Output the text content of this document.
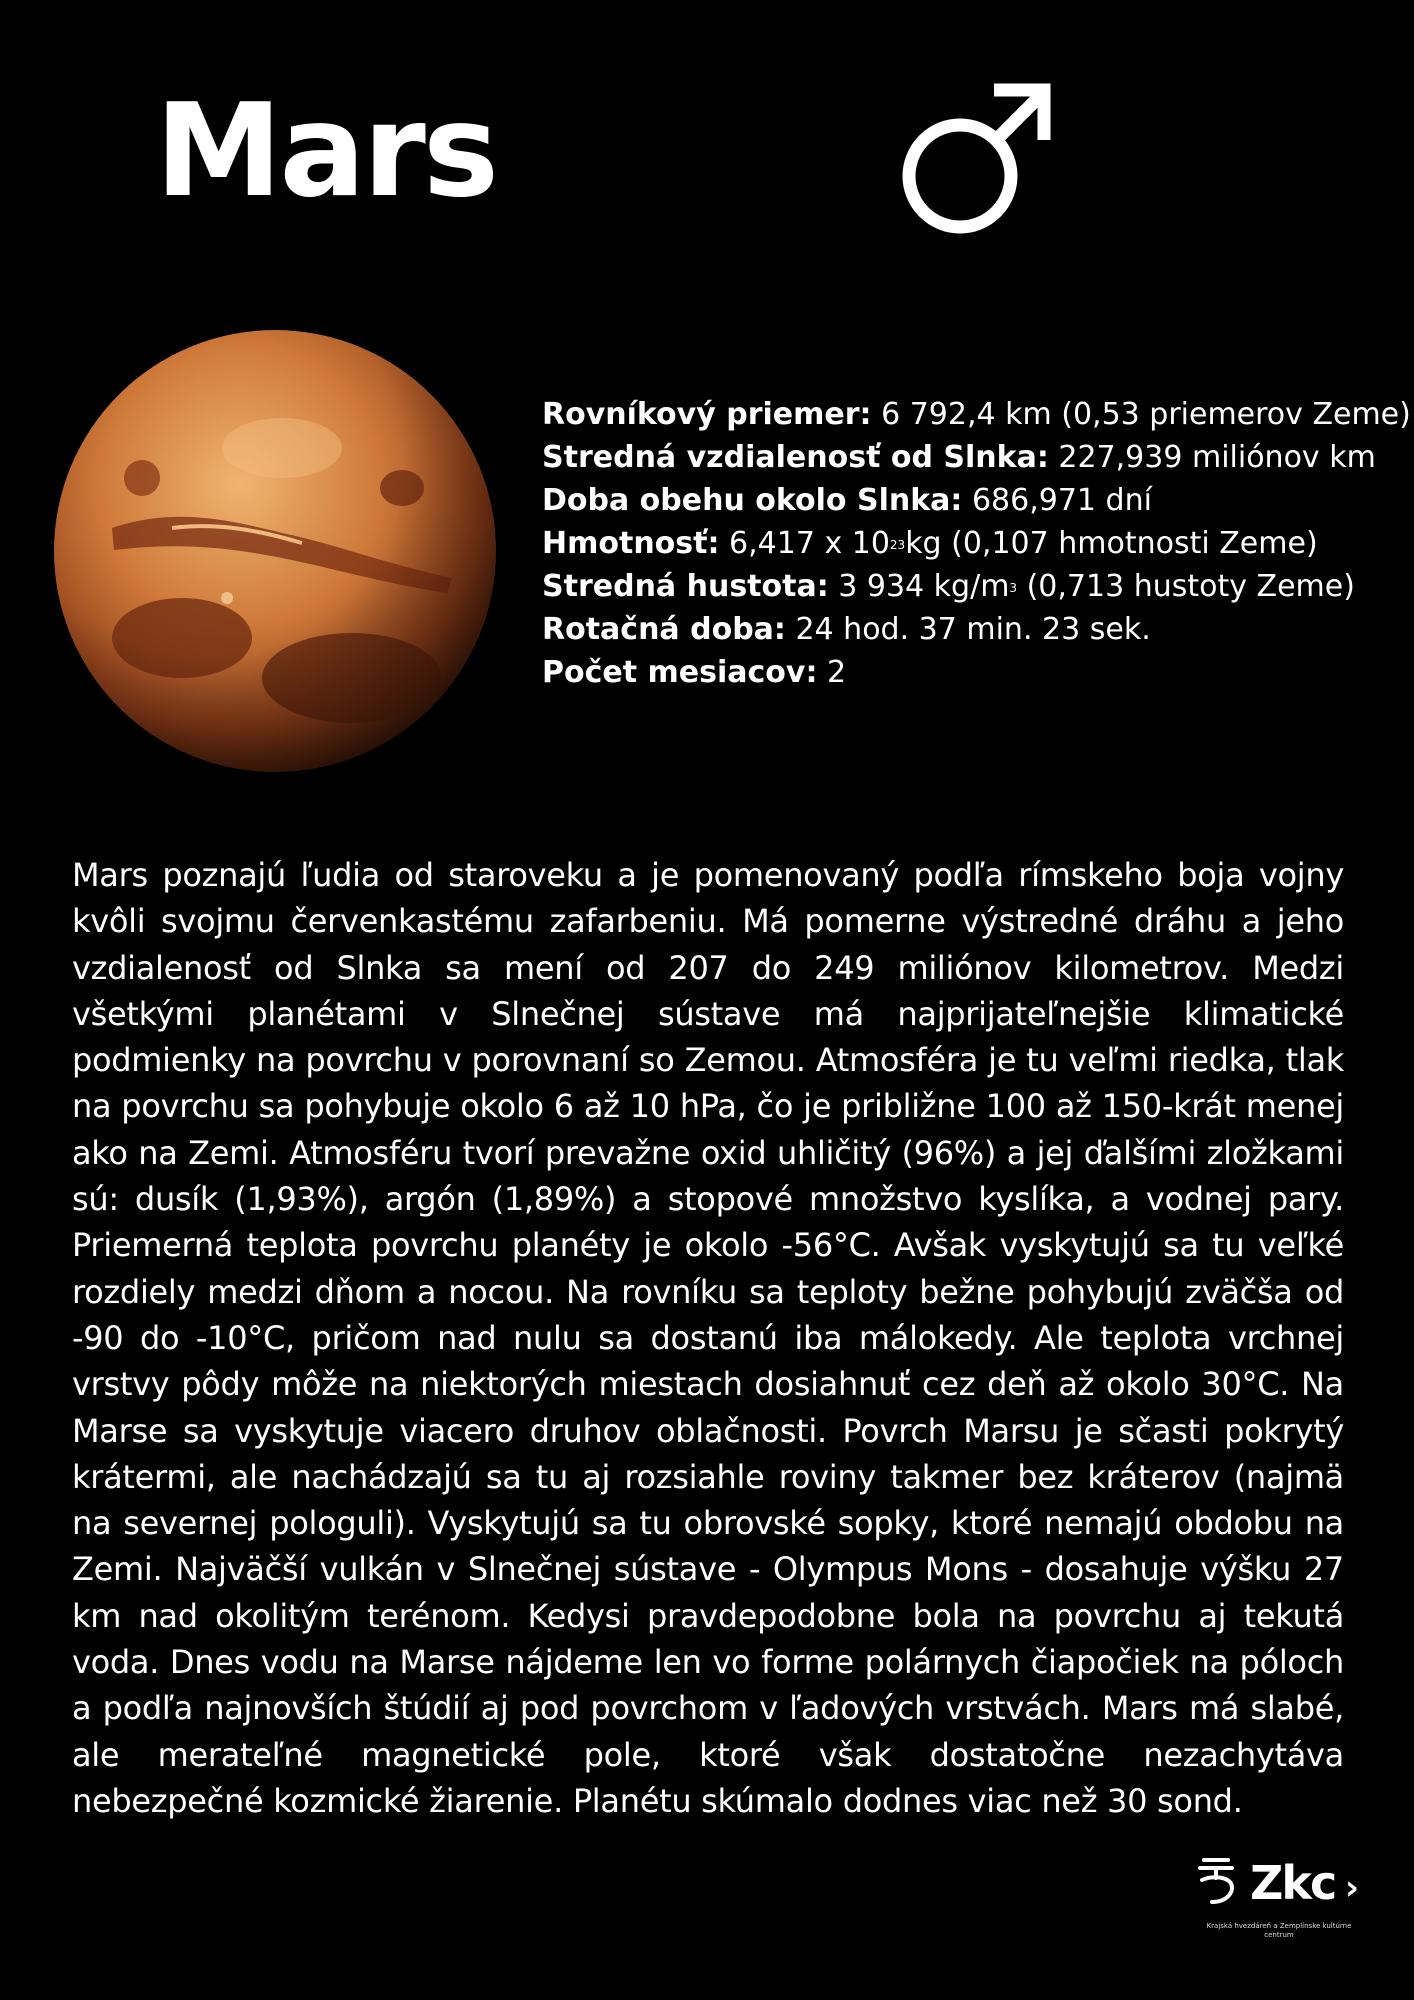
Mars
Rovníkový priemer: 6 792,4 km (0,53 priemerov Zeme)
Stredná vzdialenosť od Slnka: 227,939 miliónov km
Doba obehu okolo Slnka: 686,971 dní
Hmotnosť: 6,417 x $10^{23}kg$ (0,107 hmotnosti Zeme)
Stredná hustota: 3 934 $kg/m^3$ (0,713 hustoty Zeme)
Rotačná doba: 24 hod. 37 min. 23 sek.
Počet mesiacov: 2
Mars poznajú ľudia od staroveku a je pomenovaný podľa rímskeho boja vojny kvôli svojmu červenkastému zafarbeniu. Má pomerne výstredné dráhu a jeho vzdialenosť od Slnka sa mení od 207 do 249 miliónov kilometrov. Medzi všetkými planétami v Slnečnej sústave má najprijateľnejšie klimatické podmienky na povrchu v porovnaní so Zemou. Atmosféra je tu veľmi riedka, tlak na povrchu sa pohybuje okolo 6 až 10 hPa, čo je približne 100 až 150-krát menej ako na Zemi. Atmosféru tvorí prevažne oxid uhličitý (96%) a jej ďalšími zložkami sú: dusík (1,93%), argón (1,89%) a stopové množstvo kyslíka, a vodnej pary. Priemerná teplota povrchu planéty je okolo -56°C. Avšak vyskytujú sa tu veľké rozdiely medzi dňom a nocou. Na rovníku sa teploty bežne pohybujú zväčša od -90 do -10°C, pričom nad nulu sa dostanú iba málokedy. Ale teplota vrchnej vrstvy pôdy môže na niektorých miestach dosiahnuť cez deň až okolo 30°C. Na Marse sa vyskytuje viacero druhov oblačnosti. Povrch Marsu je sčasti pokrytý krátermi, ale nachádzajú sa tu aj rozsiahle roviny takmer bez kráterov (najmä na severnej pologuli). Vyskytujú sa tu obrovské sopky, ktoré nemajú obdobu na Zemi. Najväčší vulkán v Slnečnej sústave - Olympus Mons - dosahuje výšku 27 km nad okolitým terénom. Kedysi pravdepodobne bola na povrchu aj tekutá voda. Dnes vodu na Marse nájdeme len vo forme polárnych čiapočiek na póloch a podľa najnovších štúdií aj pod povrchom v ľadových vrstvách. Mars má slabé, ale merateľné magnetické pole, ktoré však dostatočne nezachytáva nebezpečné kozmické žiarenie. Planétu skúmalo dodnes viac než 30 sond.
Zkc ›
Krajská hvezdáreň a Zemplínske kultúrne centrum
